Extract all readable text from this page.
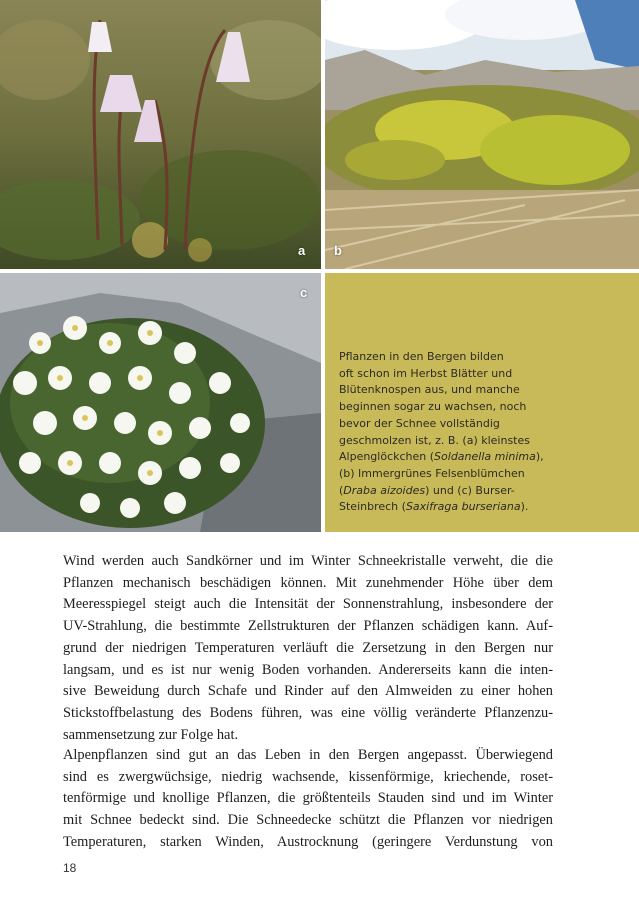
a b
c
Pflanzen in den Bergen bilden
oft schon im Herbst Blätter und
Blütenknospen aus, und manche
beginnen sogar zu wachsen, noch
bevor der Schnee vollständig
geschmolzen ist, z. B. (a) kleinstes
Alpenglöckchen (Soldanella minima),
(b) Immergrünes Felsenblümchen
(Draba aizoides) und (c) Burser-
Steinbrech (Saxifraga burseriana).
Wind werden auch Sandkörner und im Winter Schneekristalle verweht, die die
Pflanzen mechanisch beschädigen können. Mit zunehmender Höhe über dem
Meeresspiegel steigt auch die Intensität der Sonnenstrahlung, insbesondere der
UV-Strahlung, die bestimmte Zellstrukturen der Pflanzen schädigen kann. Auf-
grund der niedrigen Temperaturen verläuft die Zersetzung in den Bergen nur
langsam, und es ist nur wenig Boden vorhanden. Andererseits kann die inten-
sive Beweidung durch Schafe und Rinder auf den Almweiden zu einer hohen
Stickstoffbelastung des Bodens führen, was eine völlig veränderte Pflanzenzu-
sammensetzung zur Folge hat.
Alpenpflanzen sind gut an das Leben in den Bergen angepasst. Überwiegend
sind es zwergwüchsige, niedrig wachsende, kissenförmige, kriechende, roset-
tenförmige und knollige Pflanzen, die größtenteils Stauden sind und im Winter
mit Schnee bedeckt sind. Die Schneedecke schützt die Pflanzen vor niedrigen
Temperaturen, starken Winden, Austrocknung (geringere Verdunstung von
18
